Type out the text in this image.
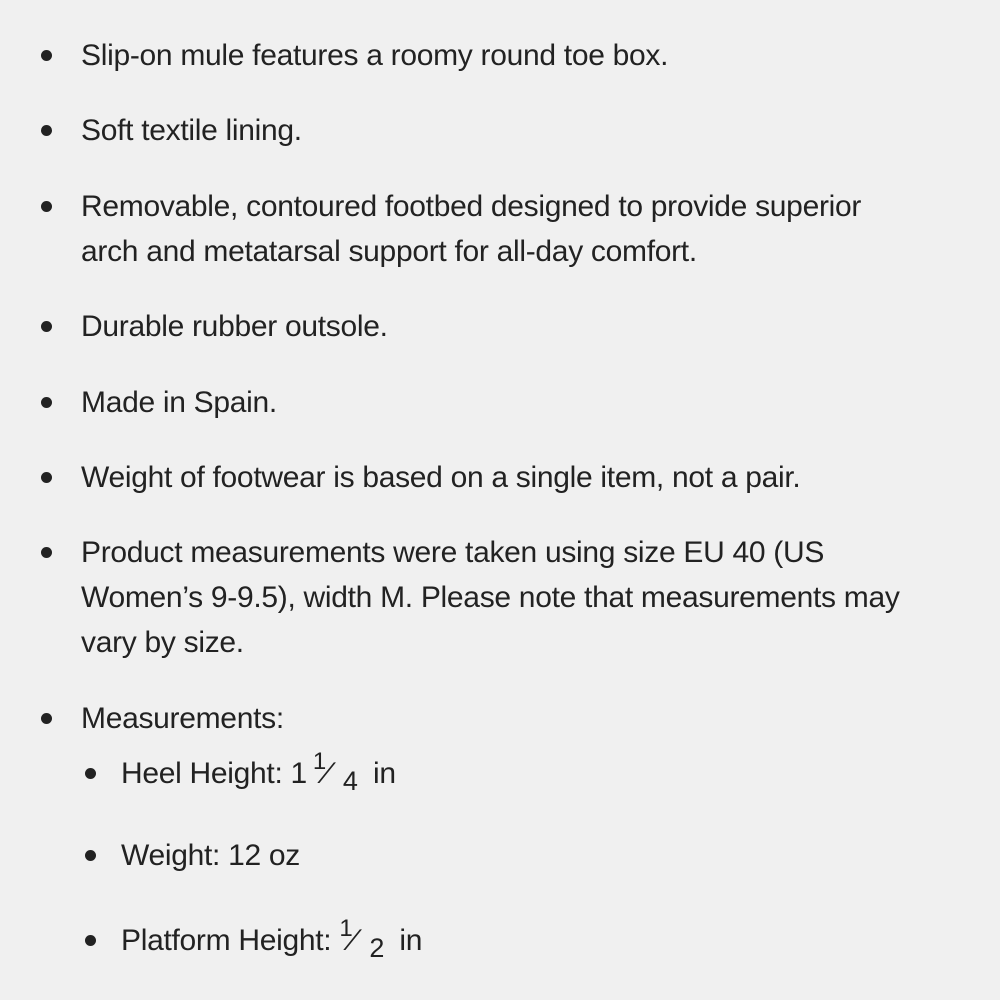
Slip-on mule features a roomy round toe box.
Soft textile lining.
Removable, contoured footbed designed to provide superior
arch and metatarsal support for all-day comfort.
Durable rubber outsole.
Made in Spain.
Weight of footwear is based on a single item, not a pair.
Product measurements were taken using size EU 40 (US
Women’s 9-9.5), width M. Please note that measurements may
vary by size.
Measurements:
Heel Height: 1 1
⁄ 4 in
Weight: 12 oz
Platform Height: 1
⁄ 2 in
